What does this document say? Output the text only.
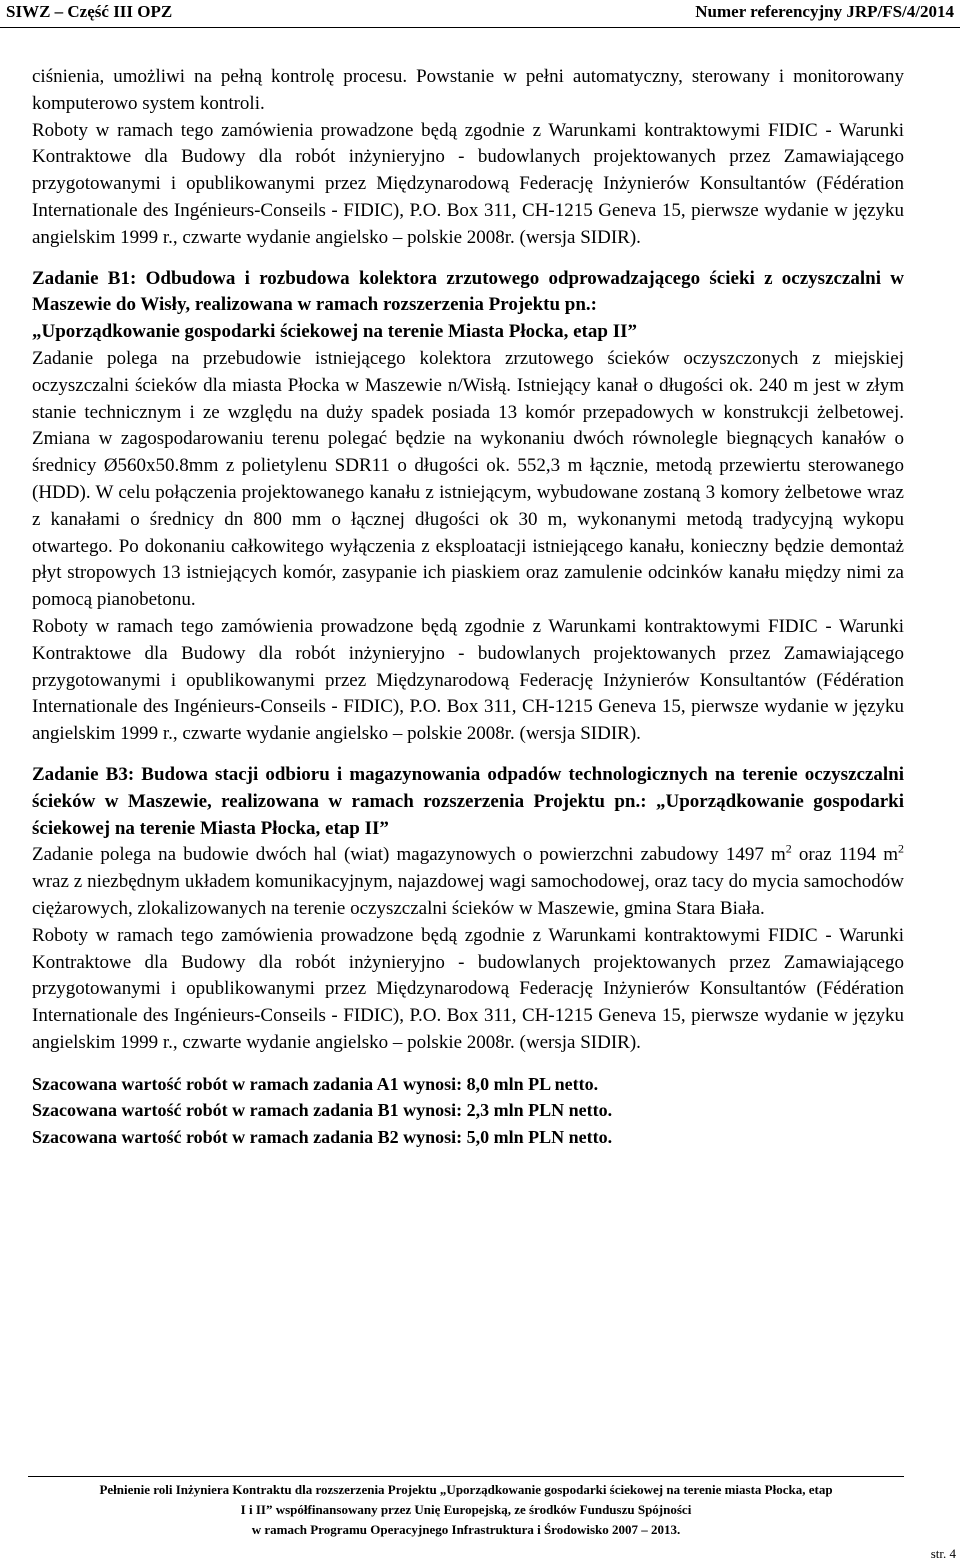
SIWZ – Część III OPZ	Numer referencyjny JRP/FS/4/2014

ciśnienia, umożliwi na pełną kontrolę procesu. Powstanie w pełni automatyczny, sterowany i monitorowany komputerowo system kontroli.

Roboty w ramach tego zamówienia prowadzone będą zgodnie z Warunkami kontraktowymi FIDIC - Warunki Kontraktowe dla Budowy dla robót inżynieryjno - budowlanych projektowanych przez Zamawiającego przygotowanymi i opublikowanymi przez Międzynarodową Federację Inżynierów Konsultantów (Fédération Internationale des Ingénieurs-Conseils - FIDIC), P.O. Box 311, CH-1215 Geneva 15, pierwsze wydanie w języku angielskim 1999 r., czwarte wydanie angielsko – polskie 2008r. (wersja SIDIR).

Zadanie B1: Odbudowa i rozbudowa kolektora zrzutowego odprowadzającego ścieki z oczyszczalni w Maszewie do Wisły, realizowana w ramach rozszerzenia Projektu pn.:

„Uporządkowanie gospodarki ściekowej na terenie Miasta Płocka, etap II”

Zadanie polega na przebudowie istniejącego kolektora zrzutowego ścieków oczyszczonych z miejskiej oczyszczalni ścieków dla miasta Płocka w Maszewie n/Wisłą. Istniejący kanał o długości ok. 240 m jest w złym stanie technicznym i ze względu na duży spadek posiada 13 komór przepadowych w konstrukcji żelbetowej. Zmiana w zagospodarowaniu terenu polegać będzie na wykonaniu dwóch równolegle biegnących kanałów o średnicy Ø560x50.8mm z polietylenu SDR11 o długości ok. 552,3 m łącznie, metodą przewiertu sterowanego (HDD). W celu połączenia projektowanego kanału z istniejącym, wybudowane zostaną 3 komory żelbetowe wraz z kanałami o średnicy dn 800 mm o łącznej długości ok 30 m, wykonanymi metodą tradycyjną wykopu otwartego. Po dokonaniu całkowitego wyłączenia z eksploatacji istniejącego kanału, konieczny będzie demontaż płyt stropowych 13 istniejących komór, zasypanie ich piaskiem oraz zamulenie odcinków kanału między nimi za pomocą pianobetonu.

Roboty w ramach tego zamówienia prowadzone będą zgodnie z Warunkami kontraktowymi FIDIC - Warunki Kontraktowe dla Budowy dla robót inżynieryjno - budowlanych projektowanych przez Zamawiającego przygotowanymi i opublikowanymi przez Międzynarodową Federację Inżynierów Konsultantów (Fédération Internationale des Ingénieurs-Conseils - FIDIC), P.O. Box 311, CH-1215 Geneva 15, pierwsze wydanie w języku angielskim 1999 r., czwarte wydanie angielsko – polskie 2008r. (wersja SIDIR).

Zadanie B3: Budowa stacji odbioru i magazynowania odpadów technologicznych na terenie oczyszczalni ścieków w Maszewie, realizowana w ramach rozszerzenia Projektu pn.: „Uporządkowanie gospodarki ściekowej na terenie Miasta Płocka, etap II”

Zadanie polega na budowie dwóch hal (wiat) magazynowych o powierzchni zabudowy 1497 $m^2$ oraz 1194 $m^2$ wraz z niezbędnym układem komunikacyjnym, najazdowej wagi samochodowej, oraz tacy do mycia samochodów ciężarowych, zlokalizowanych na terenie oczyszczalni ścieków w Maszewie, gmina Stara Biała.

Roboty w ramach tego zamówienia prowadzone będą zgodnie z Warunkami kontraktowymi FIDIC - Warunki Kontraktowe dla Budowy dla robót inżynieryjno - budowlanych projektowanych przez Zamawiającego przygotowanymi i opublikowanymi przez Międzynarodową Federację Inżynierów Konsultantów (Fédération Internationale des Ingénieurs-Conseils - FIDIC), P.O. Box 311, CH-1215 Geneva 15, pierwsze wydanie w języku angielskim 1999 r., czwarte wydanie angielsko – polskie 2008r. (wersja SIDIR).

Szacowana wartość robót w ramach zadania A1 wynosi: 8,0 mln PL netto.

Szacowana wartość robót w ramach zadania B1 wynosi: 2,3 mln PLN netto.

Szacowana wartość robót w ramach zadania B2 wynosi: 5,0 mln PLN netto.

Pełnienie roli Inżyniera Kontraktu dla rozszerzenia Projektu „Uporządkowanie gospodarki ściekowej na terenie miasta Płocka, etap
I i II” współfinansowany przez Unię Europejską, ze środków Funduszu Spójności
w ramach Programu Operacyjnego Infrastruktura i Środowisko 2007 – 2013.
str. 4
